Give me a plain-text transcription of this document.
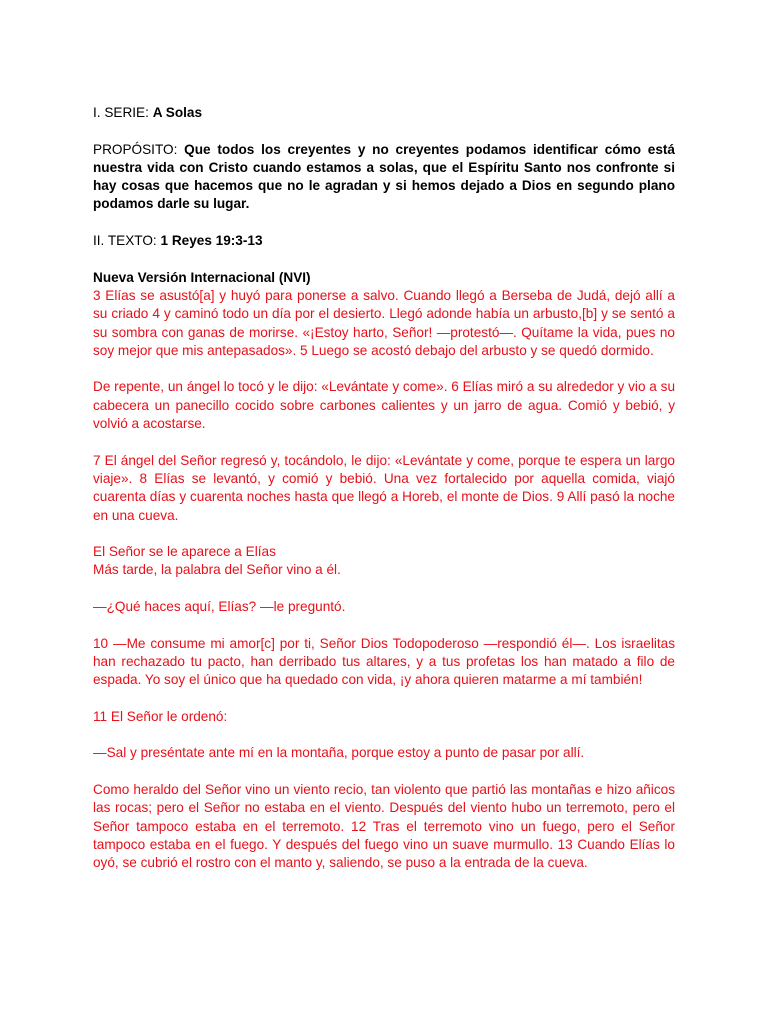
I. SERIE: A Solas

PROPÓSITO: Que todos los creyentes y no creyentes podamos identificar cómo está nuestra vida con Cristo cuando estamos a solas, que el Espíritu Santo nos confronte si hay cosas que hacemos que no le agradan y si hemos dejado a Dios en segundo plano podamos darle su lugar.

II. TEXTO: 1 Reyes 19:3-13

Nueva Versión Internacional (NVI)

3 Elías se asustó[a] y huyó para ponerse a salvo. Cuando llegó a Berseba de Judá, dejó allí a su criado 4 y caminó todo un día por el desierto. Llegó adonde había un arbusto,[b] y se sentó a su sombra con ganas de morirse. «¡Estoy harto, Señor! —protestó—. Quítame la vida, pues no soy mejor que mis antepasados». 5 Luego se acostó debajo del arbusto y se quedó dormido.

De repente, un ángel lo tocó y le dijo: «Levántate y come». 6 Elías miró a su alrededor y vio a su cabecera un panecillo cocido sobre carbones calientes y un jarro de agua. Comió y bebió, y volvió a acostarse.

7 El ángel del Señor regresó y, tocándolo, le dijo: «Levántate y come, porque te espera un largo viaje». 8 Elías se levantó, y comió y bebió. Una vez fortalecido por aquella comida, viajó cuarenta días y cuarenta noches hasta que llegó a Horeb, el monte de Dios. 9 Allí pasó la noche en una cueva.

El Señor se le aparece a Elías

Más tarde, la palabra del Señor vino a él.

—¿Qué haces aquí, Elías? —le preguntó.

10 —Me consume mi amor[c] por ti, Señor Dios Todopoderoso —respondió él—. Los israelitas han rechazado tu pacto, han derribado tus altares, y a tus profetas los han matado a filo de espada. Yo soy el único que ha quedado con vida, ¡y ahora quieren matarme a mí también!

11 El Señor le ordenó:

—Sal y preséntate ante mí en la montaña, porque estoy a punto de pasar por allí.

Como heraldo del Señor vino un viento recio, tan violento que partió las montañas e hizo añicos las rocas; pero el Señor no estaba en el viento. Después del viento hubo un terremoto, pero el Señor tampoco estaba en el terremoto. 12 Tras el terremoto vino un fuego, pero el Señor tampoco estaba en el fuego. Y después del fuego vino un suave murmullo. 13 Cuando Elías lo oyó, se cubrió el rostro con el manto y, saliendo, se puso a la entrada de la cueva.
